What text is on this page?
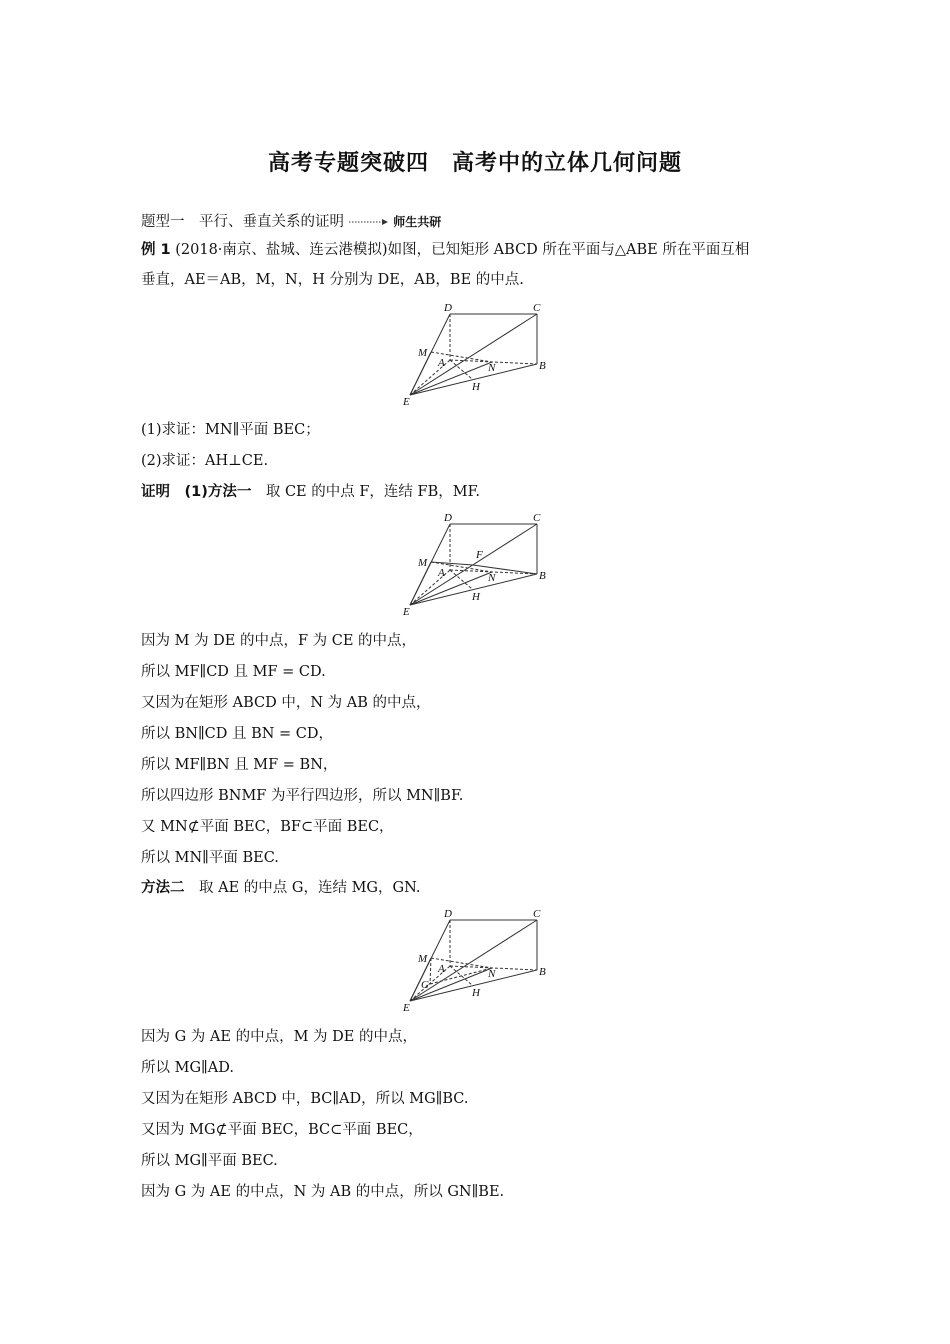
高考专题突破四　高考中的立体几何问题
题型一　平行、垂直关系的证明	师生共研
例 1 (2018·南京、盐城、连云港模拟)如图，已知矩形 ABCD 所在平面与△ABE 所在平面互相
垂直，AE＝AB，M，N，H 分别为 DE，AB，BE 的中点.
D	C
M
A	N	B
H
E
(1)求证：MN∥平面 BEC；
(2)求证：AH⊥CE.
证明　(1)方法一　取 CE 的中点 F，连结 FB，MF.
D	C
F
M
A	N	B
H
E
因为 M 为 DE 的中点，F 为 CE 的中点，
所以 MF∥CD 且 MF = CD.
又因为在矩形 ABCD 中，N 为 AB 的中点，
所以 BN∥CD 且 BN = CD，
所以 MF∥BN 且 MF = BN，
所以四边形 BNMF 为平行四边形，所以 MN∥BF.
又 MN⊄平面 BEC，BF⊂平面 BEC，
所以 MN∥平面 BEC.
方法二　取 AE 的中点 G，连结 MG，GN.
D	C
M
A	N	B
G
H
E
因为 G 为 AE 的中点，M 为 DE 的中点，
所以 MG∥AD.
又因为在矩形 ABCD 中，BC∥AD，所以 MG∥BC.
又因为 MG⊄平面 BEC，BC⊂平面 BEC，
所以 MG∥平面 BEC.
因为 G 为 AE 的中点，N 为 AB 的中点，所以 GN∥BE.
